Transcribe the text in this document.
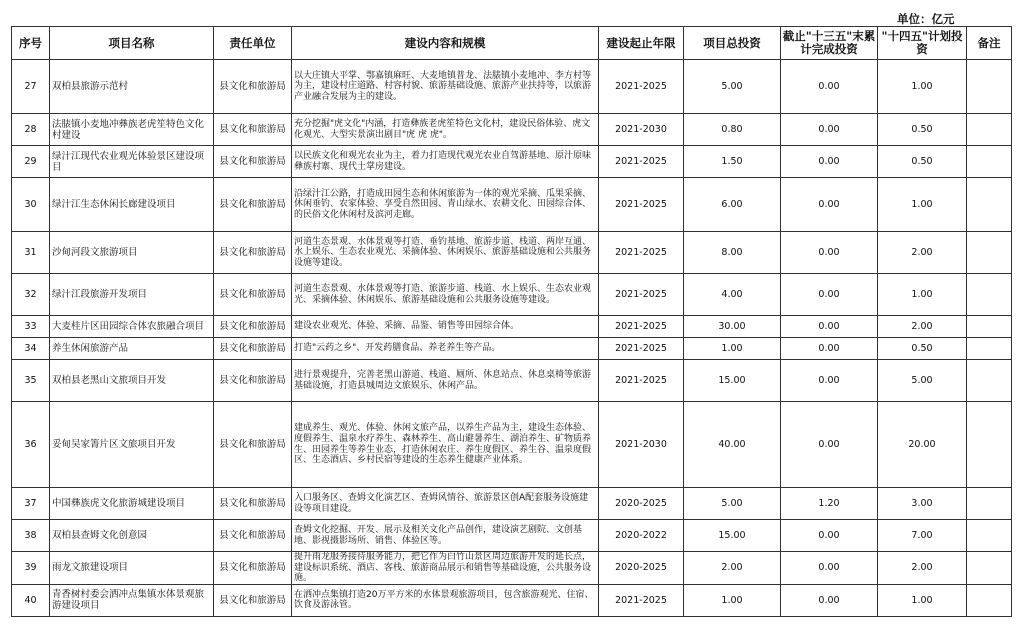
单位：亿元
序号	项目名称	责任单位	建设内容和规模	建设起止年限	项目总投资	截止"十三五"末累计完成投资	"十四五"计划投资	备注
27	双柏县旅游示范村	县文化和旅游局	以大庄镇大平掌、鄂嘉镇麻旺、大麦地镇普龙、法脿镇小麦地冲、李方村等为主，建设村庄道路、村容村貌、旅游基础设施、旅游产业扶持等，以旅游产业融合发展为主的建设。	2021-2025	5.00	0.00	1.00	
28	法脿镇小麦地冲彝族老虎笙特色文化村建设	县文化和旅游局	充分挖掘"虎文化"内涵，打造彝族老虎笙特色文化村，建设民俗体验、虎文化观光、大型实景演出剧目"虎 虎 虎"。	2021-2030	0.80	0.00	0.50	
29	绿汁江现代农业观光体验景区建设项目	县文化和旅游局	以民族文化和观光农业为主，着力打造现代观光农业自驾游基地、原汁原味彝族村寨、现代土掌房建设。	2021-2025	1.50	0.00	0.50	
30	绿汁江生态休闲长廊建设项目	县文化和旅游局	沿绿汁江公路，打造成田园生态和休闲旅游为一体的观光采摘、瓜果采摘、休闲垂钓、农家体验、享受自然田园、青山绿水、农耕文化、田园综合体、的民俗文化休闲村及滨河走廊。	2021-2025	6.00	0.00	1.00	
31	沙甸河段文旅游项目	县文化和旅游局	河道生态景观、水体景观等打造、垂钓基地、旅游步道、栈道、两岸互通、水上娱乐、生态农业观光、采摘体验、休闲娱乐、旅游基础设施和公共服务设施等建设。	2021-2025	8.00	0.00	2.00	
32	绿汁江段旅游开发项目	县文化和旅游局	河道生态景观、水体景观等打造、旅游步道、栈道、水上娱乐、生态农业观光、采摘体验、休闲娱乐、旅游基础设施和公共服务设施等建设。	2021-2025	4.00	0.00	1.00	
33	大麦桂片区田园综合体农旅融合项目	县文化和旅游局	建设农业观光、体验、采摘、品鉴、销售等田园综合体。	2021-2025	30.00	0.00	2.00	
34	养生休闲旅游产品	县文化和旅游局	打造"云药之乡"、开发药膳食品、养老养生等产品。	2021-2025	1.00	0.00	0.50	
35	双柏县老黑山文旅项目开发	县文化和旅游局	进行景观提升，完善老黑山游道、栈道、厕所、休息站点、休息桌椅等旅游基础设施，打造县城周边文旅娱乐、休闲产品。	2021-2025	15.00	0.00	5.00	
36	妥甸吴家箐片区文旅项目开发	县文化和旅游局	建成养生、观光、体验、休闲文旅产品，以养生产品为主，建设生态体验、度假养生、温泉水疗养生、森林养生、高山避暑养生、湖泊养生、矿物质养生、田园养生等养生业态，打造休闲农庄、养生度假区、养生谷、温泉度假区、生态酒店、乡村民宿等建设的生态养生健康产业体系。	2021-2030	40.00	0.00	20.00	
37	中国彝族虎文化旅游城建设项目	县文化和旅游局	入口服务区、查姆文化演艺区、查姆风情谷、旅游景区创A配套服务设施建设等项目建设。	2020-2025	5.00	1.20	3.00	
38	双柏县查姆文化创意园	县文化和旅游局	查姆文化挖掘、开发、展示及相关文化产品创作，建设演艺剧院、文创基地、影视摄影场所、销售、体验区等。	2020-2022	15.00	0.00	7.00	
39	雨龙文旅建设项目	县文化和旅游局	提升雨龙服务接待服务能力，把它作为白竹山景区周边旅游开发的延长点，建设标识系统、酒店、客栈、旅游商品展示和销售等基础设施，公共服务设施。	2020-2025	2.00	0.00	2.00	
40	青香树村委会洒冲点集镇水体景观旅游建设项目	县文化和旅游局	在洒冲点集镇打造20万平方米的水体景观旅游项目，包含旅游观光、住宿、饮食及游泳管。	2021-2025	1.00	0.00	1.00	
